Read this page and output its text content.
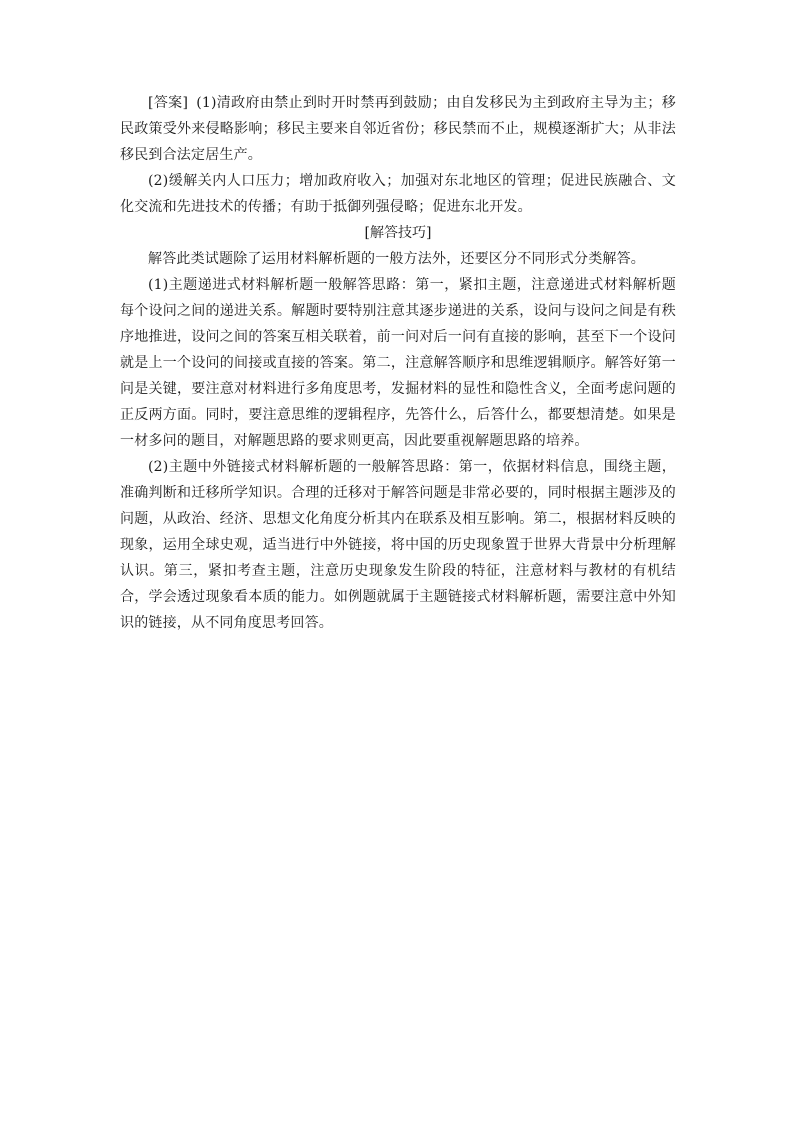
[答案] (1)清政府由禁止到时开时禁再到鼓励；由自发移民为主到政府主导为主；移民政策受外来侵略影响；移民主要来自邻近省份；移民禁而不止，规模逐渐扩大；从非法移民到合法定居生产。

(2)缓解关内人口压力；增加政府收入；加强对东北地区的管理；促进民族融合、文化交流和先进技术的传播；有助于抵御列强侵略；促进东北开发。

[解答技巧]

解答此类试题除了运用材料解析题的一般方法外，还要区分不同形式分类解答。

(1)主题递进式材料解析题一般解答思路：第一，紧扣主题，注意递进式材料解析题每个设问之间的递进关系。解题时要特别注意其逐步递进的关系，设问与设问之间是有秩序地推进，设问之间的答案互相关联着，前一问对后一问有直接的影响，甚至下一个设问就是上一个设问的间接或直接的答案。第二，注意解答顺序和思维逻辑顺序。解答好第一问是关键，要注意对材料进行多角度思考，发掘材料的显性和隐性含义，全面考虑问题的正反两方面。同时，要注意思维的逻辑程序，先答什么，后答什么，都要想清楚。如果是一材多问的题目，对解题思路的要求则更高，因此要重视解题思路的培养。

(2)主题中外链接式材料解析题的一般解答思路：第一，依据材料信息，围绕主题，准确判断和迁移所学知识。合理的迁移对于解答问题是非常必要的，同时根据主题涉及的问题，从政治、经济、思想文化角度分析其内在联系及相互影响。第二，根据材料反映的现象，运用全球史观，适当进行中外链接，将中国的历史现象置于世界大背景中分析理解认识。第三，紧扣考查主题，注意历史现象发生阶段的特征，注意材料与教材的有机结合，学会透过现象看本质的能力。如例题就属于主题链接式材料解析题，需要注意中外知识的链接，从不同角度思考回答。
